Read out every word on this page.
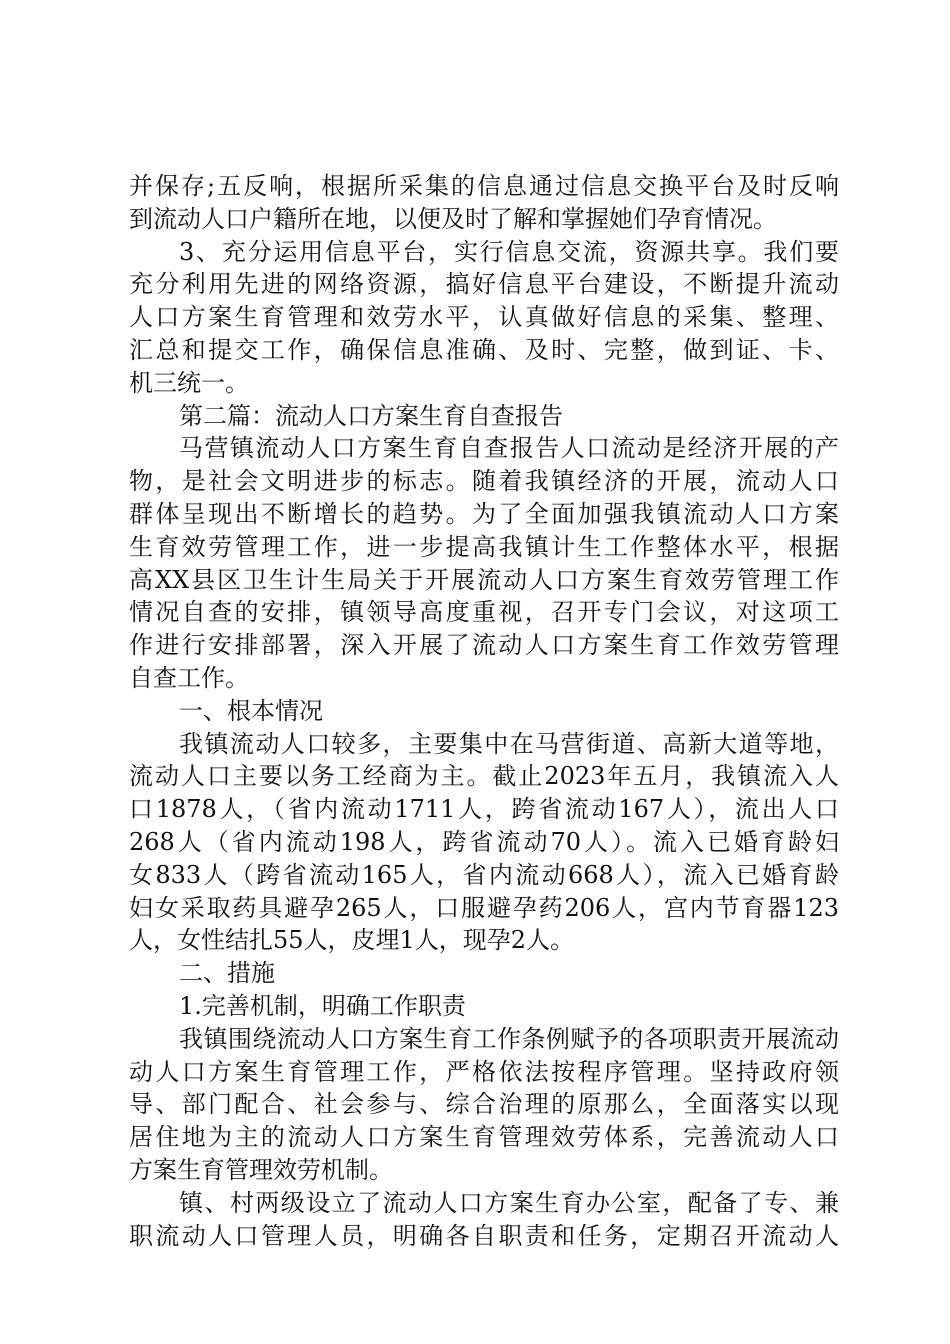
并保存;五反响，根据所采集的信息通过信息交换平台及时反响
到流动人口户籍所在地，以便及时了解和掌握她们孕育情况。
3、充分运用信息平台，实行信息交流，资源共享。我们要
充分利用先进的网络资源，搞好信息平台建设，不断提升流动
人口方案生育管理和效劳水平，认真做好信息的采集、整理、
汇总和提交工作，确保信息准确、及时、完整，做到证、卡、
机三统一。
第二篇：流动人口方案生育自查报告
马营镇流动人口方案生育自查报告人口流动是经济开展的产
物，是社会文明进步的标志。随着我镇经济的开展，流动人口
群体呈现出不断增长的趋势。为了全面加强我镇流动人口方案
生育效劳管理工作，进一步提高我镇计生工作整体水平，根据
高XX县区卫生计生局关于开展流动人口方案生育效劳管理工作
情况自查的安排，镇领导高度重视，召开专门会议，对这项工
作进行安排部署，深入开展了流动人口方案生育工作效劳管理
自查工作。
一、根本情况
我镇流动人口较多，主要集中在马营街道、高新大道等地，
流动人口主要以务工经商为主。截止2023年五月，我镇流入人
口1878人，（省内流动1711人，跨省流动167人），流出人口
268人（省内流动198人，跨省流动70人）。流入已婚育龄妇
女833人（跨省流动165人，省内流动668人），流入已婚育龄
妇女采取药具避孕265人，口服避孕药206人，宫内节育器123
人，女性结扎55人，皮埋1人，现孕2人。
二、措施
1.完善机制，明确工作职责
我镇围绕流动人口方案生育工作条例赋予的各项职责开展流动
动人口方案生育管理工作，严格依法按程序管理。坚持政府领
导、部门配合、社会参与、综合治理的原那么，全面落实以现
居住地为主的流动人口方案生育管理效劳体系，完善流动人口
方案生育管理效劳机制。
镇、村两级设立了流动人口方案生育办公室，配备了专、兼
职流动人口管理人员，明确各自职责和任务，定期召开流动人
